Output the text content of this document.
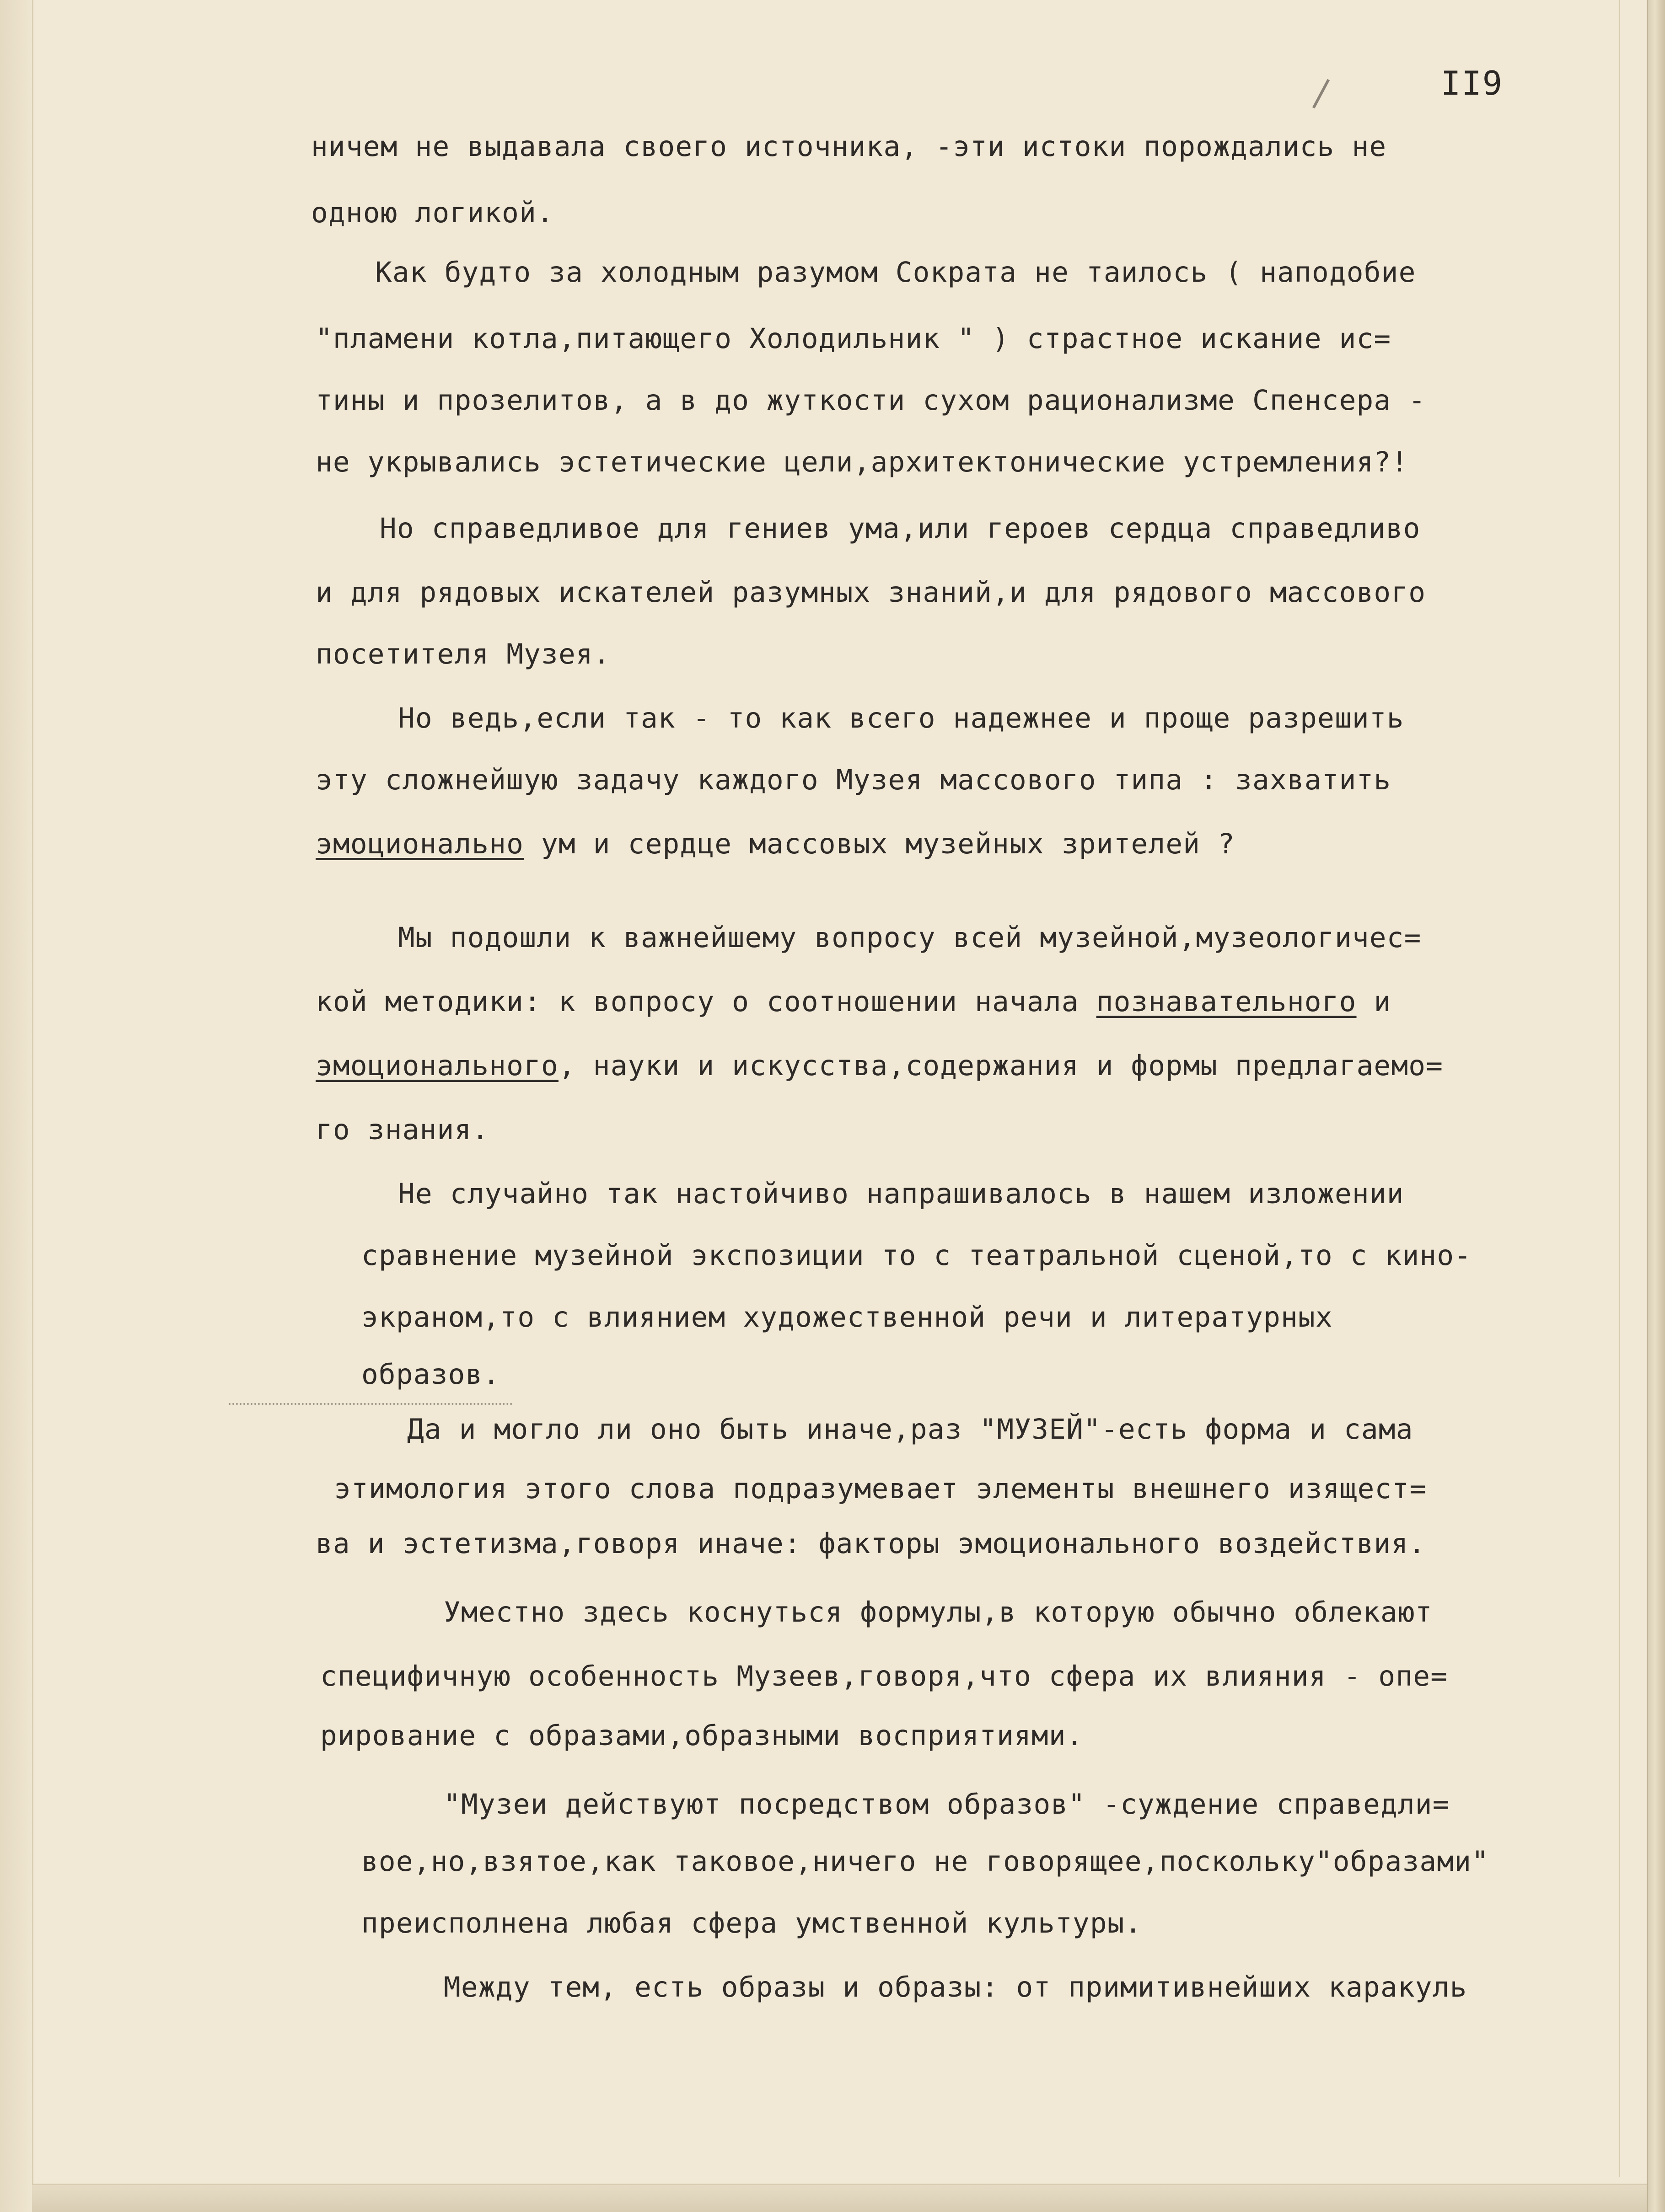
II9
ничем не выдавала своего источника, -эти истоки порождались не
одною логикой.
Как будто за холодным разумом Сократа не таилось ( наподобие
"пламени котла,питающего Холодильник " ) страстное искание ис=
тины и прозелитов, а в до жуткости сухом рационализме Спенсера -
не укрывались эстетические цели,архитектонические устремления?!
Но справедливое для гениев ума,или героев сердца справедливо
и для рядовых искателей разумных знаний,и для рядового массового
посетителя Музея.
Но ведь,если так - то как всего надежнее и проще разрешить
эту сложнейшую задачу каждого Музея массового типа : захватить
эмоционально ум и сердце массовых музейных зрителей ?
Мы подошли к важнейшему вопросу всей музейной,музеологичес=
кой методики: к вопросу о соотношении начала познавательного и
эмоционального, науки и искусства,содержания и формы предлагаемо=
го знания.
Не случайно так настойчиво напрашивалось в нашем изложении
сравнение музейной экспозиции то с театральной сценой,то с кино-
экраном,то с влиянием художественной речи и литературных
образов.
Да и могло ли оно быть иначе,раз "МУЗЕЙ"-есть форма и сама
этимология этого слова подразумевает элементы внешнего изящест=
ва и эстетизма,говоря иначе: факторы эмоционального воздействия.
Уместно здесь коснуться формулы,в которую обычно облекают
специфичную особенность Музеев,говоря,что сфера их влияния - опе=
рирование с образами,образными восприятиями.
"Музеи действуют посредством образов" -суждение справедли=
вое,но,взятое,как таковое,ничего не говорящее,поскольку"образами"
преисполнена любая сфера умственной культуры.
Между тем, есть образы и образы: от примитивнейших каракуль
